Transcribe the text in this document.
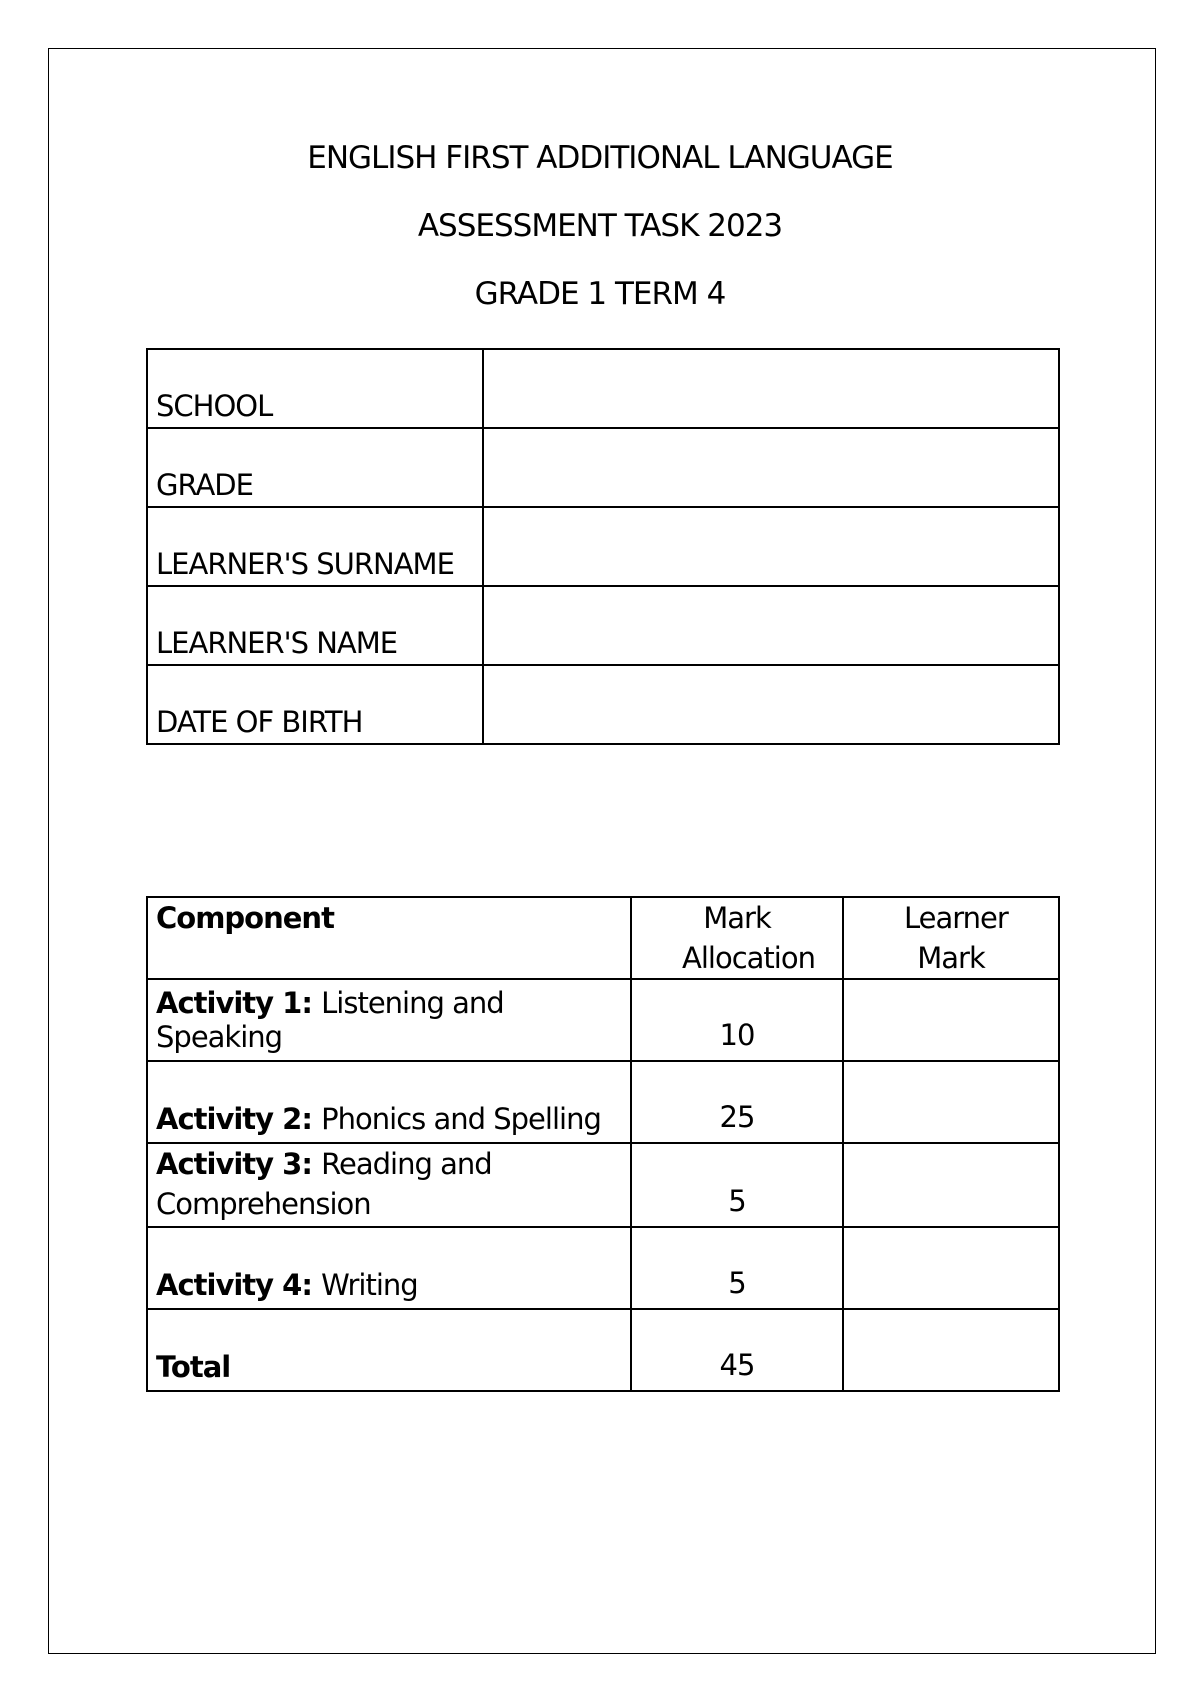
ENGLISH FIRST ADDITIONAL LANGUAGE
ASSESSMENT TASK 2023
GRADE 1 TERM 4
SCHOOL	
GRADE	
LEARNER'S SURNAME	
LEARNER'S NAME	
DATE OF BIRTH	
Component	Mark Allocation	Learner Mark
Activity 1: Listening and Speaking	10	
Activity 2: Phonics and Spelling	25	
Activity 3: Reading and Comprehension	5	
Activity 4: Writing	5	
Total	45	
